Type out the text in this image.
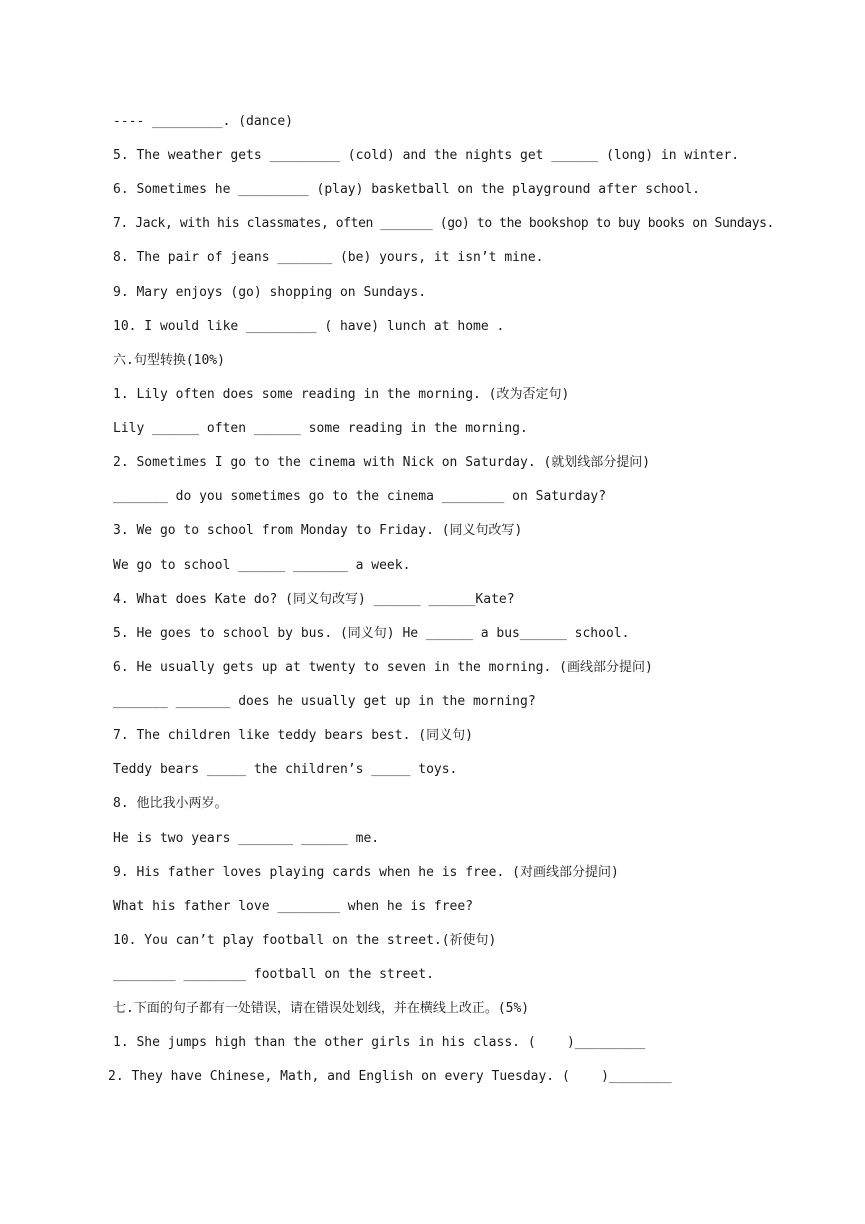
---- _________. (dance)
5. The weather gets _________ (cold) and the nights get ______ (long) in winter.
6. Sometimes he _________ (play) basketball on the playground after school.
7. Jack, with his classmates, often _______ (go) to the bookshop to buy books on Sundays.
8. The pair of jeans _______ (be) yours, it isn’t mine.
9. Mary enjoys (go) shopping on Sundays.
10. I would like _________ ( have) lunch at home .
六.句型转换(10%)
1. Lily often does some reading in the morning. (改为否定句)
Lily ______ often ______ some reading in the morning.
2. Sometimes I go to the cinema with Nick on Saturday. (就划线部分提问)
_______ do you sometimes go to the cinema ________ on Saturday?
3. We go to school from Monday to Friday. (同义句改写)
We go to school ______ _______ a week.
4. What does Kate do? (同义句改写) ______ ______Kate?
5. He goes to school by bus. (同义句) He ______ a bus______ school.
6. He usually gets up at twenty to seven in the morning. (画线部分提问)
_______ _______ does he usually get up in the morning?
7. The children like teddy bears best. (同义句)
Teddy bears _____ the children’s _____ toys.
8. 他比我小两岁。
He is two years _______ ______ me.
9. His father loves playing cards when he is free. (对画线部分提问)
What his father love ________ when he is free?
10. You can’t play football on the street.(祈使句)
________ ________ football on the street.
七.下面的句子都有一处错误，请在错误处划线，并在横线上改正。(5%)
1. She jumps high than the other girls in his class. (    )_________
2. They have Chinese, Math, and English on every Tuesday. (    )________
